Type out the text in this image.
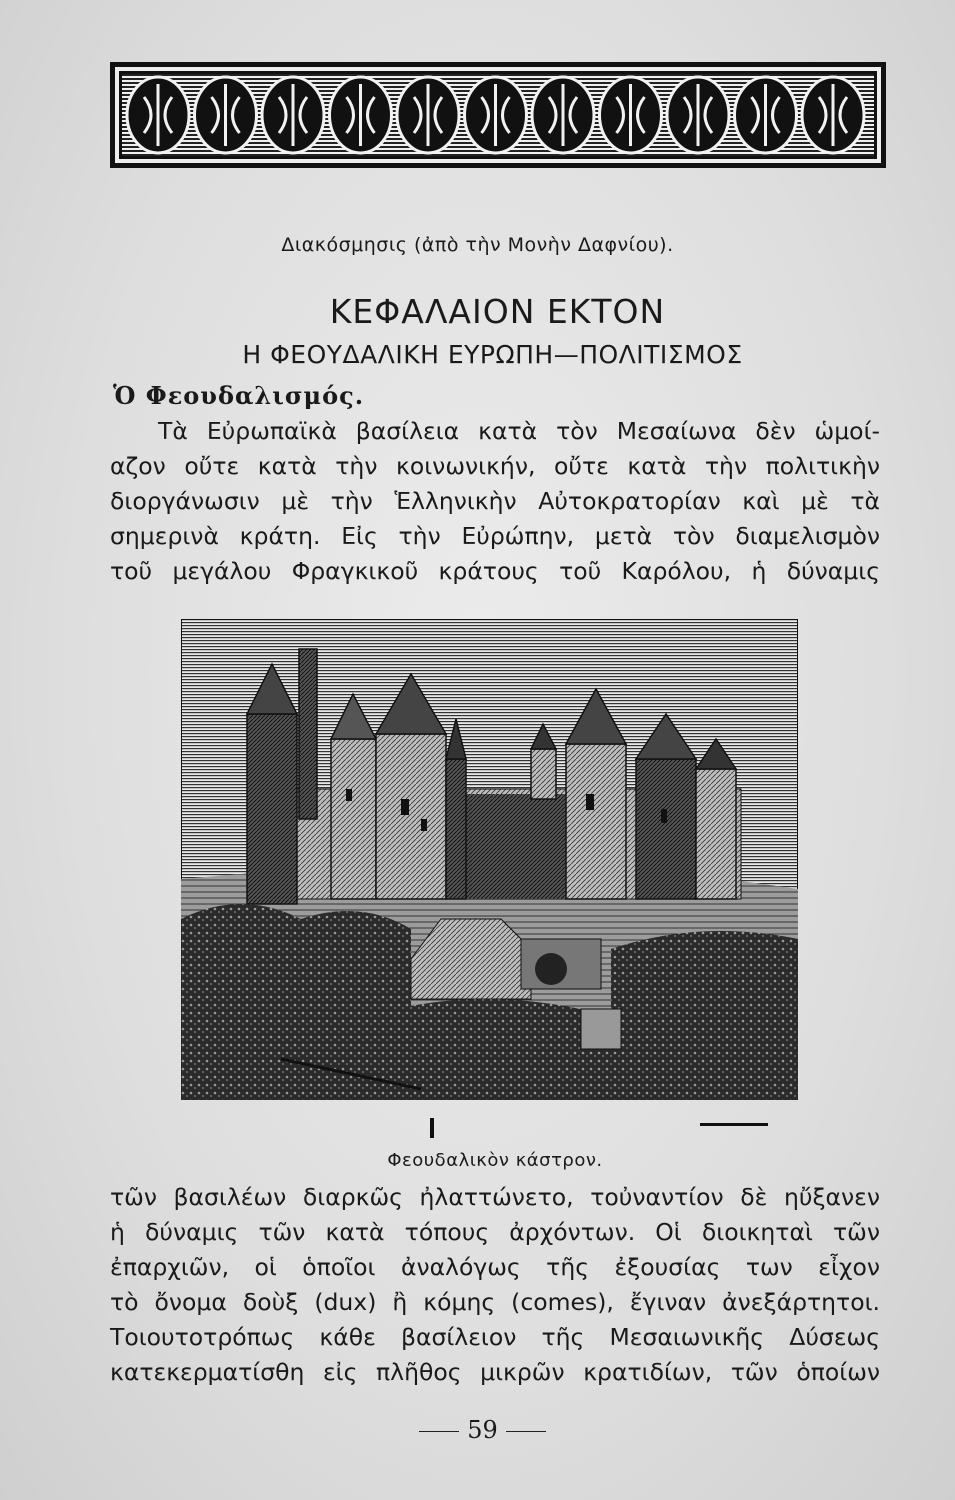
Διακόσμησις (ἀπὸ τὴν Μονὴν Δαφνίου).
ΚΕΦΑΛΑΙΟΝ ΕΚΤΟΝ
Η ΦΕΟΥΔΑΛΙΚΗ ΕΥΡΩΠΗ—ΠΟΛΙΤΙΣΜΟΣ
Ὁ Φεουδαλισμός.
Τὰ Εὐρωπαϊκὰ βασίλεια κατὰ τὸν Μεσαίωνα δὲν ὡμοί-
αζον οὔτε κατὰ τὴν κοινωνικήν, οὔτε κατὰ τὴν πολιτικὴν
διοργάνωσιν μὲ τὴν Ἑλληνικὴν Αὐτοκρατορίαν καὶ μὲ τὰ
σημερινὰ κράτη. Εἰς τὴν Εὐρώπην, μετὰ τὸν διαμελισμὸν
τοῦ μεγάλου Φραγκικοῦ κράτους τοῦ Καρόλου, ἡ δύναμις
Φεουδαλικὸν κάστρον.
τῶν βασιλέων διαρκῶς ἠλαττώνετο, τοὐναντίον δὲ ηὔξανεν
ἡ δύναμις τῶν κατὰ τόπους ἀρχόντων. Οἱ διοικηταὶ τῶν
ἐπαρχιῶν, οἱ ὁποῖοι ἀναλόγως τῆς ἐξουσίας των εἶχον
τὸ ὄνομα δοὺξ (dux) ἢ κόμης (comes), ἔγιναν ἀνεξάρτητοι.
Τοιουτοτρόπως κάθε βασίλειον τῆς Μεσαιωνικῆς Δύσεως
κατεκερματίσθη εἰς πλῆθος μικρῶν κρατιδίων, τῶν ὁποίων
59
